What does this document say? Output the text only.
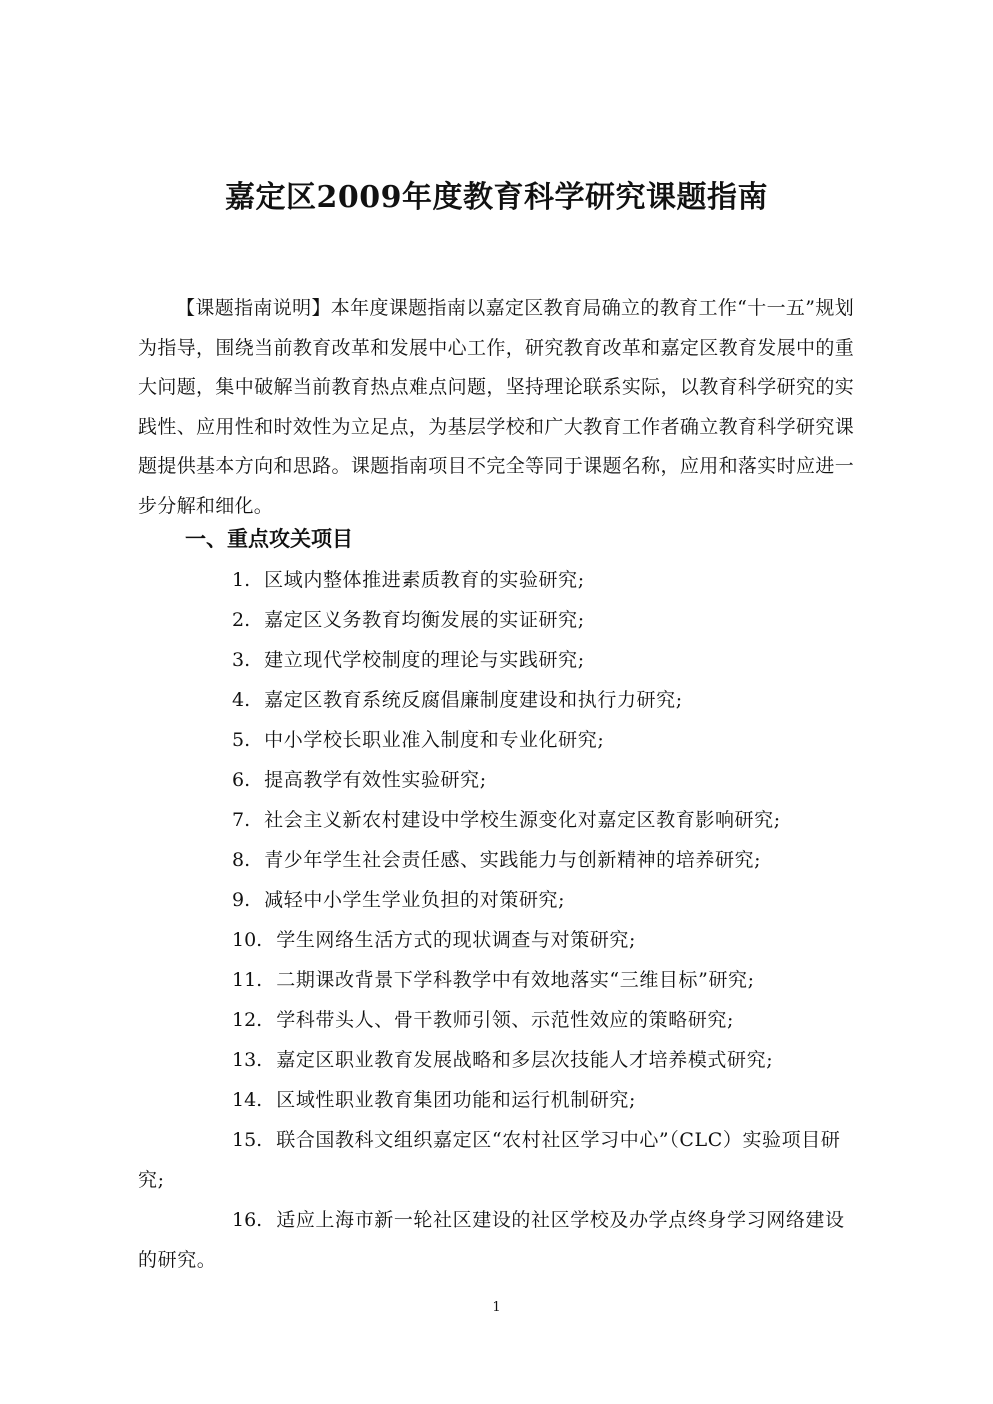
嘉定区2009年度教育科学研究课题指南

【课题指南说明】本年度课题指南以嘉定区教育局确立的教育工作“十一五”规划为指导，围绕当前教育改革和发展中心工作，研究教育改革和嘉定区教育发展中的重大问题，集中破解当前教育热点难点问题，坚持理论联系实际，以教育科学研究的实践性、应用性和时效性为立足点，为基层学校和广大教育工作者确立教育科学研究课题提供基本方向和思路。课题指南项目不完全等同于课题名称，应用和落实时应进一步分解和细化。

一、重点攻关项目
1. 区域内整体推进素质教育的实验研究;
2. 嘉定区义务教育均衡发展的实证研究;
3. 建立现代学校制度的理论与实践研究;
4. 嘉定区教育系统反腐倡廉制度建设和执行力研究;
5. 中小学校长职业准入制度和专业化研究;
6. 提高教学有效性实验研究;
7. 社会主义新农村建设中学校生源变化对嘉定区教育影响研究;
8. 青少年学生社会责任感、实践能力与创新精神的培养研究;
9. 减轻中小学生学业负担的对策研究;
10. 学生网络生活方式的现状调查与对策研究;
11. 二期课改背景下学科教学中有效地落实“三维目标”研究;
12. 学科带头人、骨干教师引领、示范性效应的策略研究;
13. 嘉定区职业教育发展战略和多层次技能人才培养模式研究;
14. 区域性职业教育集团功能和运行机制研究;
15. 联合国教科文组织嘉定区“农村社区学习中心”（CLC）实验项目研究;
16. 适应上海市新一轮社区建设的社区学校及办学点终身学习网络建设的研究。
1
